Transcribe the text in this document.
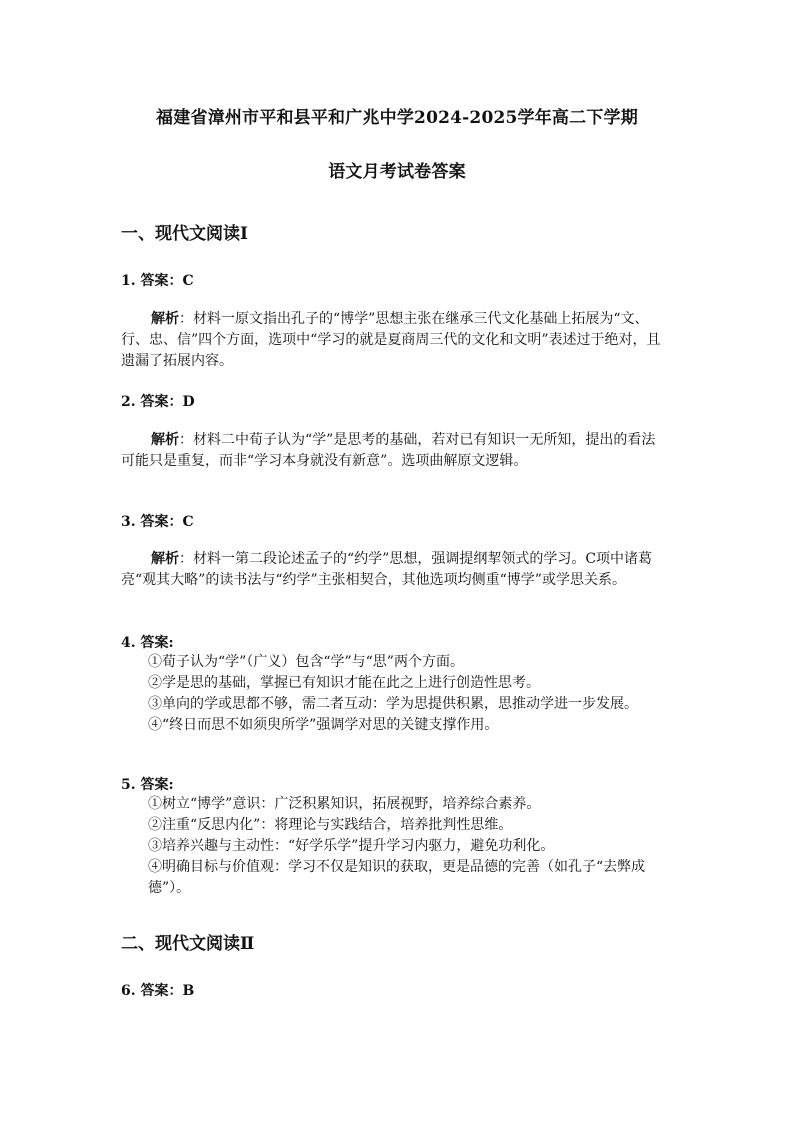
福建省漳州市平和县平和广兆中学2024-2025学年高二下学期
语文月考试卷答案
一、现代文阅读Ⅰ
1. 答案：C
解析：材料一原文指出孔子的“博学”思想主张在继承三代文化基础上拓展为“文、行、忠、信”四个方面，选项中“学习的就是夏商周三代的文化和文明”表述过于绝对，且遗漏了拓展内容。
2. 答案：D
解析：材料二中荀子认为“学”是思考的基础，若对已有知识一无所知，提出的看法可能只是重复，而非“学习本身就没有新意”。选项曲解原文逻辑。
3. 答案：C
解析：材料一第二段论述孟子的“约学”思想，强调提纲挈领式的学习。C项中诸葛亮“观其大略”的读书法与“约学”主张相契合，其他选项均侧重“博学”或学思关系。
4. 答案:
①荀子认为“学”（广义）包含“学”与“思”两个方面。
②学是思的基础，掌握已有知识才能在此之上进行创造性思考。
③单向的学或思都不够，需二者互动：学为思提供积累，思推动学进一步发展。
④“终日而思不如须臾所学”强调学对思的关键支撑作用。
5. 答案:
①树立“博学”意识：广泛积累知识，拓展视野，培养综合素养。
②注重“反思内化”：将理论与实践结合，培养批判性思维。
③培养兴趣与主动性：“好学乐学”提升学习内驱力，避免功利化。
④明确目标与价值观：学习不仅是知识的获取，更是品德的完善（如孔子“去弊成德”）。
二、现代文阅读Ⅱ
6. 答案：B
